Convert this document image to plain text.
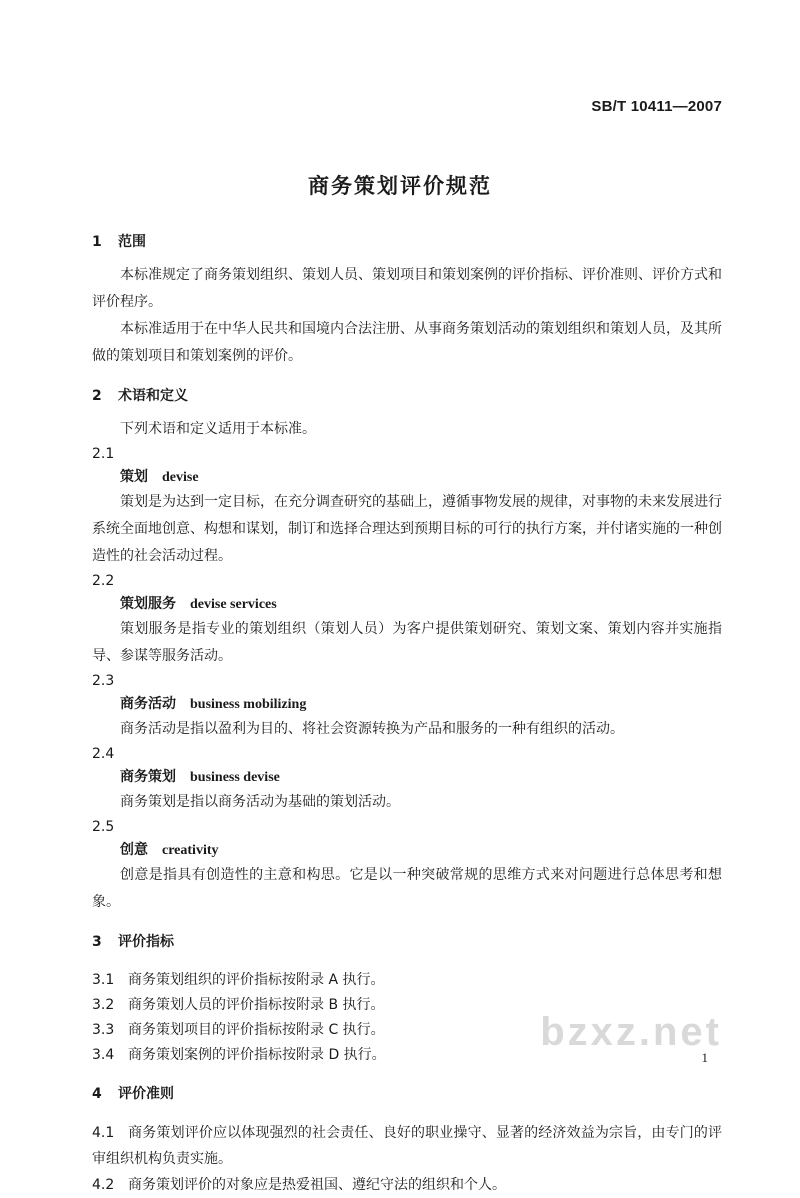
SB/T 10411—2007
商务策划评价规范
1 范围

本标准规定了商务策划组织、策划人员、策划项目和策划案例的评价指标、评价准则、评价方式和评价程序。

本标准适用于在中华人民共和国境内合法注册、从事商务策划活动的策划组织和策划人员，及其所做的策划项目和策划案例的评价。

2 术语和定义

下列术语和定义适用于本标准。

2.1
策划 devise

策划是为达到一定目标，在充分调查研究的基础上，遵循事物发展的规律，对事物的未来发展进行系统全面地创意、构想和谋划，制订和选择合理达到预期目标的可行的执行方案，并付诸实施的一种创造性的社会活动过程。

2.2
策划服务 devise services

策划服务是指专业的策划组织（策划人员）为客户提供策划研究、策划文案、策划内容并实施指导、参谋等服务活动。

2.3
商务活动 business mobilizing

商务活动是指以盈利为目的、将社会资源转换为产品和服务的一种有组织的活动。

2.4
商务策划 business devise

商务策划是指以商务活动为基础的策划活动。

2.5
创意 creativity

创意是指具有创造性的主意和构思。它是以一种突破常规的思维方式来对问题进行总体思考和想象。

3 评价指标
3.1 商务策划组织的评价指标按附录 A 执行。
3.2 商务策划人员的评价指标按附录 B 执行。
3.3 商务策划项目的评价指标按附录 C 执行。
3.4 商务策划案例的评价指标按附录 D 执行。
4 评价准则

4.1 商务策划评价应以体现强烈的社会责任、良好的职业操守、显著的经济效益为宗旨，由专门的评审组织机构负责实施。

4.2 商务策划评价的对象应是热爱祖国、遵纪守法的组织和个人。

bzxz.net
1
